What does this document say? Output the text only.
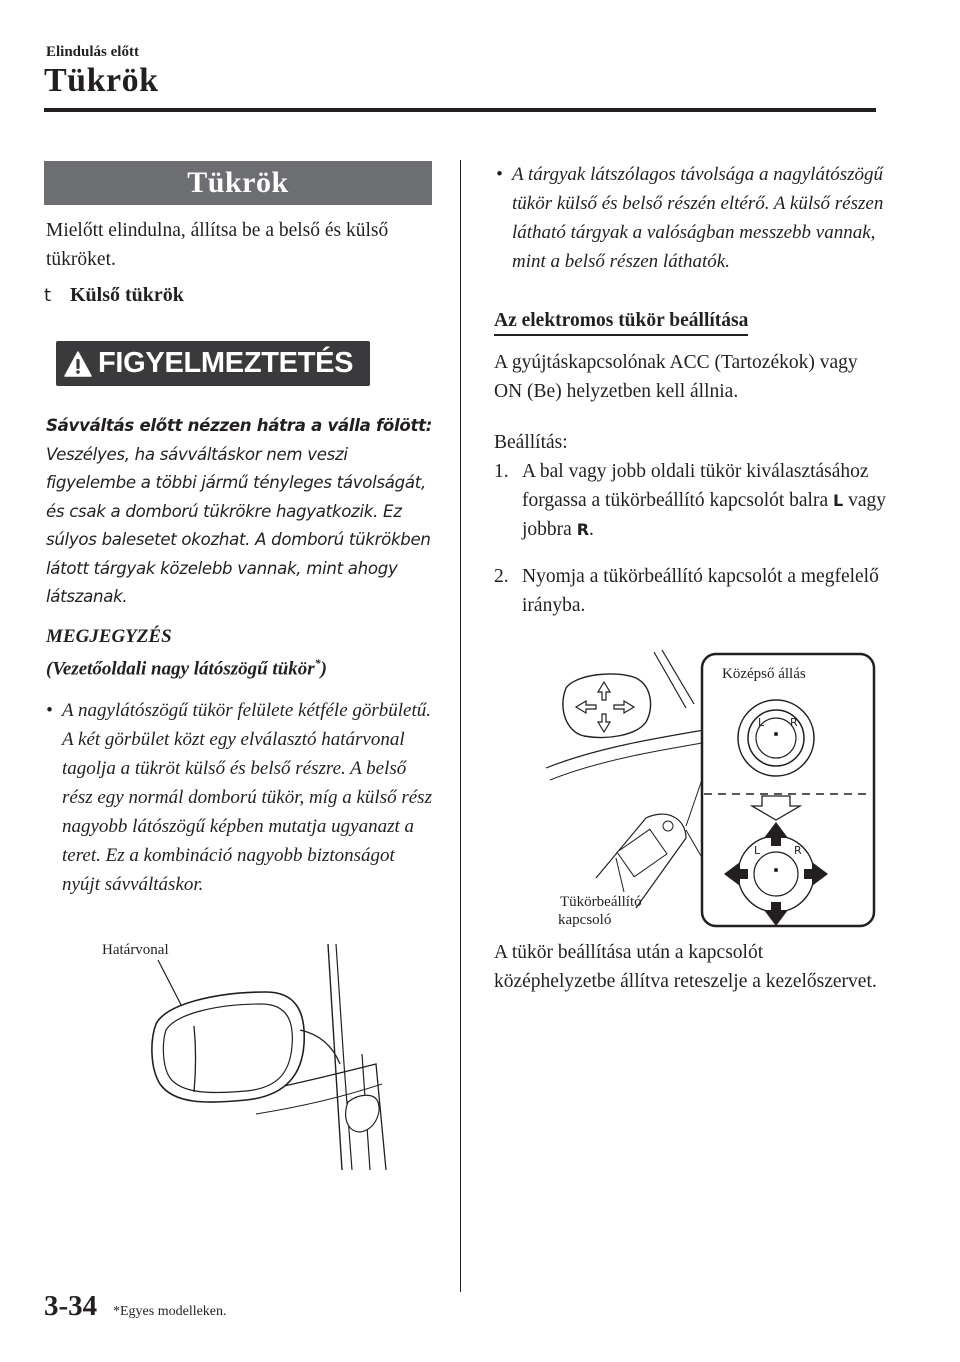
Elindulás előtt
Tükrök
Tükrök
Mielőtt elindulna, állítsa be a belső és külső tükröket.
t Külső tükrök
FIGYELMEZTETÉS
Sávváltás előtt nézzen hátra a válla fölött:
Veszélyes, ha sávváltáskor nem veszi figyelembe a többi jármű tényleges távolságát, és csak a domború tükrökre hagyatkozik. Ez súlyos balesetet okozhat. A domború tükrökben látott tárgyak közelebb vannak, mint ahogy látszanak.
MEGJEGYZÉS
(Vezetőoldali nagy látószögű tükör*)
• A nagylátószögű tükör felülete kétféle görbületű. A két görbület közt egy elválasztó határvonal tagolja a tükröt külső és belső részre. A belső rész egy normál domború tükör, míg a külső rész nagyobb látószögű képben mutatja ugyanazt a teret. Ez a kombináció nagyobb biztonságot nyújt sávváltáskor.
Határvonal
• A tárgyak látszólagos távolsága a nagylátószögű tükör külső és belső részén eltérő. A külső részen látható tárgyak a valóságban messzebb vannak, mint a belső részen láthatók.
Az elektromos tükör beállítása
A gyújtáskapcsolónak ACC (Tartozékok) vagy ON (Be) helyzetben kell állnia.
Beállítás:
1. A bal vagy jobb oldali tükör kiválasztásához forgassa a tükörbeállító kapcsolót balra L vagy jobbra R.
2. Nyomja a tükörbeállító kapcsolót a megfelelő irányba.
Középső állás
L R
L	R
Tükörbeállító
kapcsoló
A tükör beállítása után a kapcsolót középhelyzetbe állítva reteszelje a kezelőszervet.
3-34 *Egyes modelleken.
